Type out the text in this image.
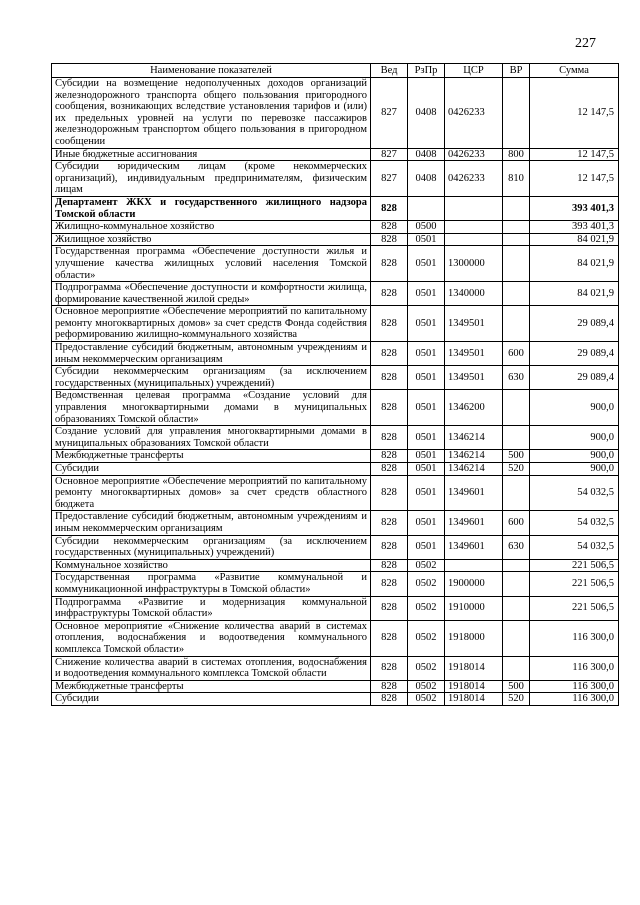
227
Наименование показателей	Вед	РзПр	ЦСР	ВР	Сумма
Субсидии на возмещение недополученных доходов организаций железнодорожного транспорта общего пользования пригородного сообщения, возникающих вследствие установления тарифов и (или) их предельных уровней на услуги по перевозке пассажиров железнодорожным транспортом общего пользования в пригородном сообщении	827	0408	0426233		12 147,5
Иные бюджетные ассигнования	827	0408	0426233	800	12 147,5
Субсидии юридическим лицам (кроме некоммерческих организаций), индивидуальным предпринимателям, физическим лицам	827	0408	0426233	810	12 147,5
Департамент ЖКХ и государственного жилищного надзора Томской области	828				393 401,3
Жилищно-коммунальное хозяйство	828	0500			393 401,3
Жилищное хозяйство	828	0501			84 021,9
Государственная программа «Обеспечение доступности жилья и улучшение качества жилищных условий населения Томской области»	828	0501	1300000		84 021,9
Подпрограмма «Обеспечение доступности и комфортности жилища, формирование качественной жилой среды»	828	0501	1340000		84 021,9
Основное мероприятие «Обеспечение мероприятий по капитальному ремонту многоквартирных домов» за счет средств Фонда содействия реформированию жилищно-коммунального хозяйства	828	0501	1349501		29 089,4
Предоставление субсидий бюджетным, автономным учреждениям и иным некоммерческим организациям	828	0501	1349501	600	29 089,4
Субсидии некоммерческим организациям (за исключением государственных (муниципальных) учреждений)	828	0501	1349501	630	29 089,4
Ведомственная целевая программа «Создание условий для управления многоквартирными домами в муниципальных образованиях Томской области»	828	0501	1346200		900,0
Создание условий для управления многоквартирными домами в муниципальных образованиях Томской области	828	0501	1346214		900,0
Межбюджетные трансферты	828	0501	1346214	500	900,0
Субсидии	828	0501	1346214	520	900,0
Основное мероприятие «Обеспечение мероприятий по капитальному ремонту многоквартирных домов» за счет средств областного бюджета	828	0501	1349601		54 032,5
Предоставление субсидий бюджетным, автономным учреждениям и иным некоммерческим организациям	828	0501	1349601	600	54 032,5
Субсидии некоммерческим организациям (за исключением государственных (муниципальных) учреждений)	828	0501	1349601	630	54 032,5
Коммунальное хозяйство	828	0502			221 506,5
Государственная программа «Развитие коммунальной и коммуникационной инфраструктуры в Томской области»	828	0502	1900000		221 506,5
Подпрограмма «Развитие и модернизация коммунальной инфраструктуры Томской области»	828	0502	1910000		221 506,5
Основное мероприятие «Снижение количества аварий в системах отопления, водоснабжения и водоотведения коммунального комплекса Томской области»	828	0502	1918000		116 300,0
Снижение количества аварий в системах отопления, водоснабжения и водоотведения коммунального комплекса Томской области	828	0502	1918014		116 300,0
Межбюджетные трансферты	828	0502	1918014	500	116 300,0
Субсидии	828	0502	1918014	520	116 300,0
